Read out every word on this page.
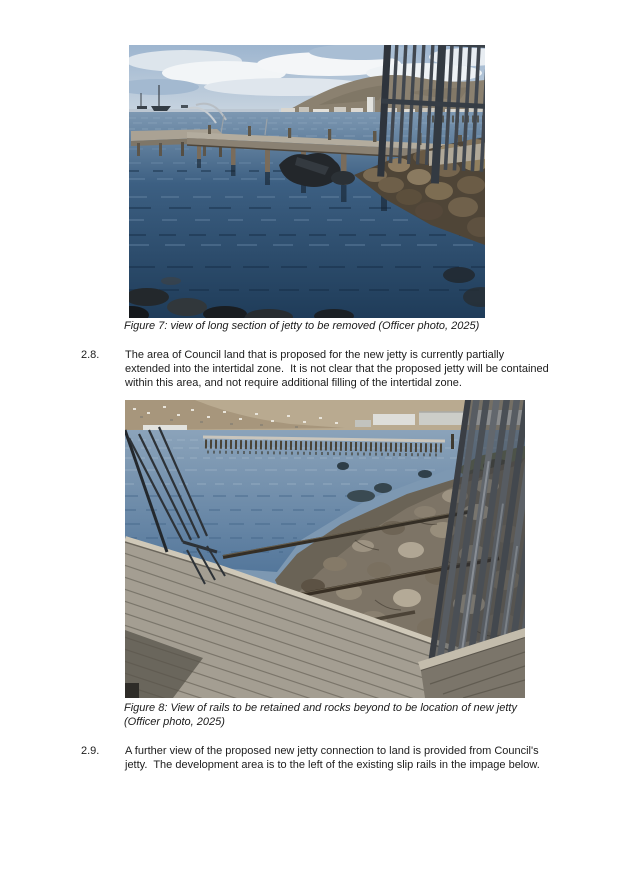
Figure 7: view of long section of jetty to be removed (Officer photo, 2025)
2.8. The area of Council land that is proposed for the new jetty is currently partially extended into the intertidal zone.  It is not clear that the proposed jetty will be contained within this area, and not require additional filling of the intertidal zone.
Figure 8: View of rails to be retained and rocks beyond to be location of new jetty (Officer photo, 2025)
2.9. A further view of the proposed new jetty connection to land is provided from Council's jetty.  The development area is to the left of the existing slip rails in the impage below.
